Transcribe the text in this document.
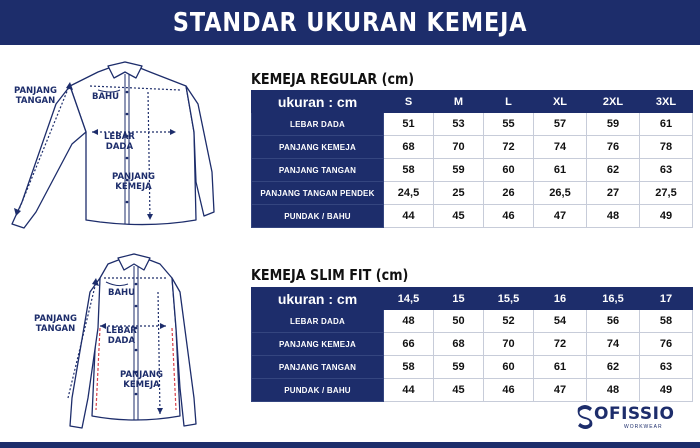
STANDAR UKURAN KEMEJA
PANJANG
TANGAN	BAHU
LEBAR
DADA
PANJANG
KEMEJA
PANJANG
TANGAN
BAHU
LEBAR
DADA
PANJANG
KEMEJA
KEMEJA REGULAR (cm)
ukuran : cm	S	M	L	XL	2XL	3XL
LEBAR DADA	51	53	55	57	59	61
PANJANG KEMEJA	68	70	72	74	76	78
PANJANG TANGAN	58	59	60	61	62	63
PANJANG TANGAN PENDEK	24,5	25	26	26,5	27	27,5
PUNDAK / BAHU	44	45	46	47	48	49
KEMEJA SLIM FIT (cm)
ukuran : cm	14,5	15	15,5	16	16,5	17
LEBAR DADA	48	50	52	54	56	58
PANJANG KEMEJA	66	68	70	72	74	76
PANJANG TANGAN	58	59	60	61	62	63
PUNDAK / BAHU	44	45	46	47	48	49
OFISSIO
WORKWEAR
